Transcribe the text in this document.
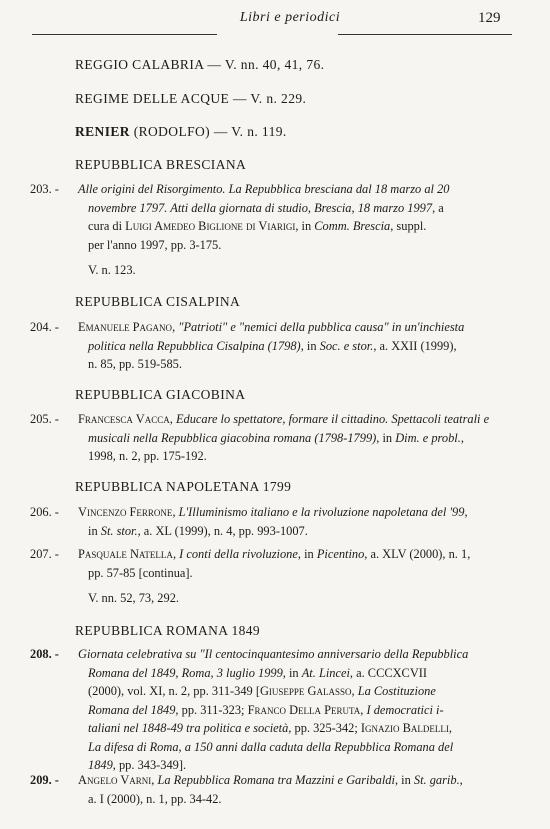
Libri e periodici	129
REGGIO CALABRIA — V. nn. 40, 41, 76.
REGIME DELLE ACQUE — V. n. 229.
RENIER (RODOLFO) — V. n. 119.
REPUBBLICA BRESCIANA
REPUBBLICA CISALPINA
REPUBBLICA GIACOBINA
REPUBBLICA NAPOLETANA 1799
REPUBBLICA ROMANA 1849
203. -	Alle origini del Risorgimento. La Repubblica bresciana dal 18 marzo al 20
novembre 1797. Atti della giornata di studio, Brescia, 18 marzo 1997, a
cura di Luigi Amedeo Biglione di Viarigi, in Comm. Brescia, suppl.
per l'anno 1997, pp. 3-175.
V. n. 123.
204. -	Emanuele Pagano, "Patrioti" e "nemici della pubblica causa" in un'inchiesta
politica nella Repubblica Cisalpina (1798), in Soc. e stor., a. XXII (1999),
n. 85, pp. 519-585.
205. -	Francesca Vacca, Educare lo spettatore, formare il cittadino. Spettacoli teatrali e
musicali nella Repubblica giacobina romana (1798-1799), in Dim. e probl.,
1998, n. 2, pp. 175-192.
206. -	Vincenzo Ferrone, L'Illuminismo italiano e la rivoluzione napoletana del '99,
in St. stor., a. XL (1999), n. 4, pp. 993-1007.
207. -	Pasquale Natella, I conti della rivoluzione, in Picentino, a. XLV (2000), n. 1,
pp. 57-85 [continua].
V. nn. 52, 73, 292.
208. -	Giornata celebrativa su "Il centocinquantesimo anniversario della Repubblica
Romana del 1849, Roma, 3 luglio 1999, in At. Lincei, a. CCCXCVII
(2000), vol. XI, n. 2, pp. 311-349 [Giuseppe Galasso, La Costituzione
Romana del 1849, pp. 311-323; Franco Della Peruta, I democratici i-
taliani nel 1848-49 tra politica e società, pp. 325-342; Ignazio Baldelli,
La difesa di Roma, a 150 anni dalla caduta della Repubblica Romana del
1849, pp. 343-349].
209. -	Angelo Varni, La Repubblica Romana tra Mazzini e Garibaldi, in St. garib.,
a. I (2000), n. 1, pp. 34-42.
